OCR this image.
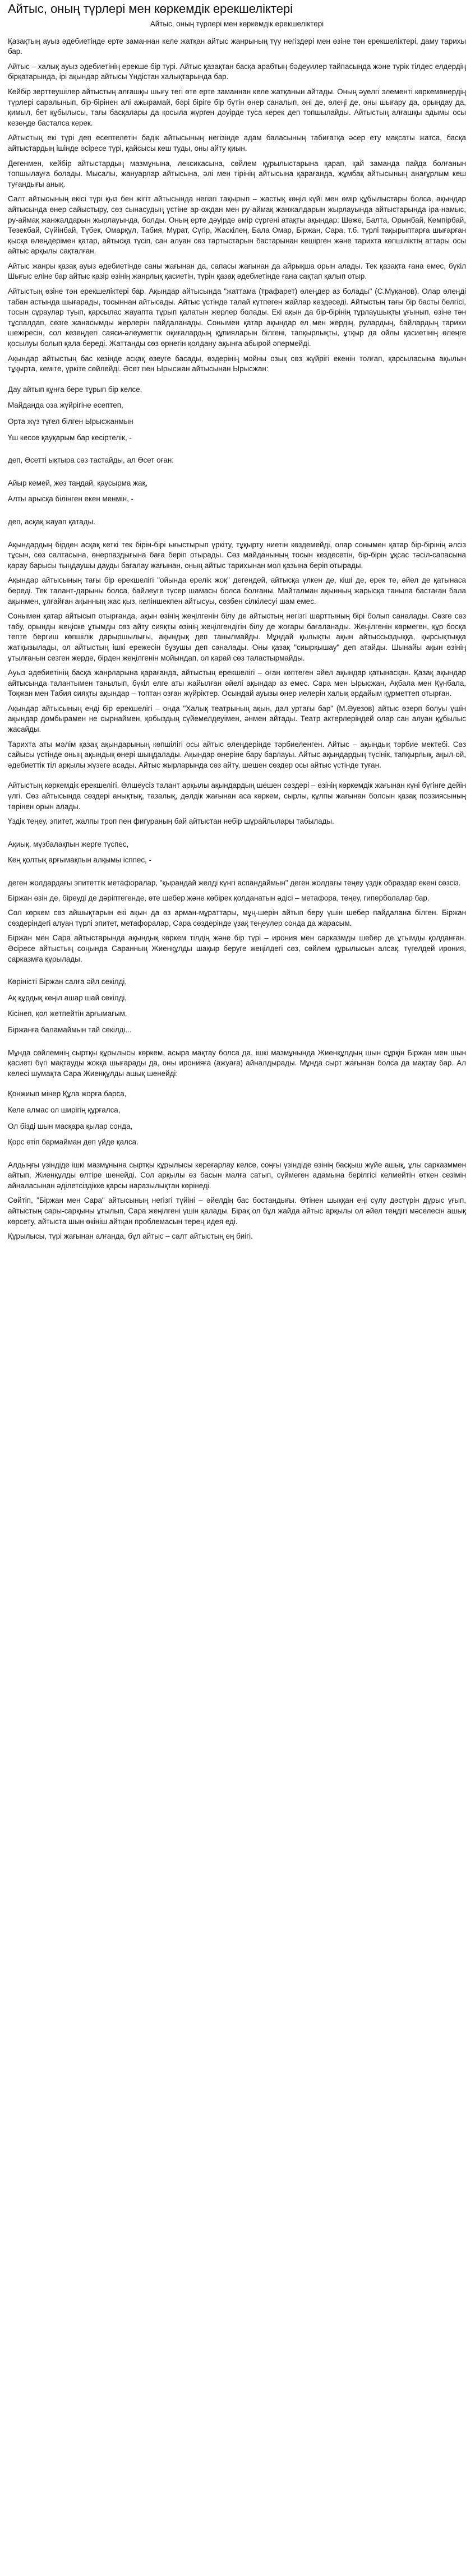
Айтыс, оның түрлері мен көркемдік ерекшеліктері
Айтыс, оның түрлері мен көркемдік ерекшеліктері

Қазақтың ауыз әдебиетінде ерте заманнан келе жатқан айтыс жанрының түу негіздері мен өзіне тән ерекшеліктері, даму тарихы бар.

Айтыс – халық ауыз әдебиетінің ерекше бір түрі. Айтыс қазақтан басқа арабтың бәдеуилер тайпасында және түрік тілдес елдердің бірқатарында, ірі ақындар айтысы Үндістан халықтарында бар.

Кейбір зерттеушілер айтыстың алғашқы шығу тегі өте ерте заманнан келе жатқанын айтады. Оның әуелгі элементі көркемөнердің түрлері саралынып, бір-бірінен алі ажырамай, бәрі біріге бір бүтін өнер саналып, әні де, өлеңі де, оны шығару да, орындау да, қимыл, бет құбылысы, тағы басқалары да қосыла жүрген дәуірде туса керек деп топшылайды. Айтыстың алғашқы адымы осы кезеңде басталса керек.

Айтыстың екі түрі деп есептелетін бадік айтысының негізінде адам баласының табиғатқа әсер ету мақсаты жатса, басқа айтыстардың ішінде әсіресе түрі, қайсысы кеш туды, оны айту қиын.

Дегенмен, кейбір айтыстардың мазмұнына, лексикасына, сөйлем құрылыстарына қарап, қай заманда пайда болғанын топшылауға болады. Мысалы, жануарлар айтысына, әлі мен тірінің айтысына қарағанда, жұмбақ айтысының анағұрлым кеш туғандығы анық.

Салт айтысының екісі түрі қыз бен жігіт айтысында негізгі тақырып – жастық көңіл күйі мен өмір құбылыстары болса, ақындар айтысында өнер сайыстыру, сөз сынасудың үстіне ар-ождан мен ру-аймақ жанжалдарын жырлауында айтыстарында іра-намыс, ру-аймақ жанжалдарын жырлауында, болды. Оның ерте дәуірде өмір сүргені атақты ақындар: Шөже, Балта, Орынбай, Кемпірбай, Тезекбай, Сүйінбай, Түбек, Омарқұл, Табия, Мұрат, Сүгір, Жаскілең, Бала Омар, Біржан, Сара, т.б. түрлі тақырыптарға шығарған қысқа өлеңдерімен қатар, айтысқа түсіп, сан алуан сөз тартыстарын бастарынан кешірген және тарихта көпшіліктің аттары осы айтыс арқылы сақталған.

Айтыс жанры қазақ ауыз әдебиетінде саны жағынан да, сапасы жағынан да айрықша орын алады. Тек қазақта ғана емес, бүкіл Шығыс еліне бар айтыс қазір өзінің жанрлық қасиетін, түрін қазақ әдебиетінде ғана сақтап қалып отыр.

Айтыстың өзіне тән ерекшеліктері бар. Ақындар айтысында "жаттама (трафарет) өлеңдер аз болады" (С.Мұқанов). Олар өлеңді табан астында шығарады, тосыннан айтысады. Айтыс үстінде талай күтпеген жайлар кездеседі. Айтыстың тағы бір басты белгісі, тосын сұраулар туып, қарсылас жауапта тұрып қалатын жерлер болады. Екі ақын да бір-бірінің тұрлаушықты ұғынып, өзіне тән тұспалдап, сөзге жанасымды жерлерін пайдаланады. Сонымен қатар ақындар ел мен жердің, рулардың, байлардың тарихи шежіресін, сол кезеңдегі саяси-әлеуметтік оқиғалардың құпияларын білгені, тапқырлықты, ұтқыр да ойлы қасиетінің өлеңге қосылуы болып қала береді. Жаттанды сөз өрнегін қолдану ақынға абырой әпермейді.

Ақындар айтыстың бас кезінде асқақ өзеуге басады, өздерінің мойны озық сөз жүйрігі екенін толғап, қарсыласына ақылын тұқырта, кеміте, үркіте сөйлейді. Әсет пен Ырысжан айтысынан Ырысжан:

Дау айтып құнға бере тұрып бір келсе,

Майданда оза жүйрігіне есептеп,

Орта жүз түгел білген Ырысжанмын

Үш кессе қауқарым бар кесіртелік, -

деп, Әсетті ықтыра сөз тастайды, ал Әсет оған:

Айыр кемей, жез таңдай, қаусырма жақ,

Алты арысқа білінген екен менмін, -

деп, асқақ жауап қатады.

Ақындардың бірден асқақ кеткі тек бірін-бірі ығыстырып үркіту, тұқырту ниетін көздемейді, олар сонымен қатар бір-бірінің әлсіз тұсын, сөз салтасына, өнерпаздығына баға беріп отырады. Сөз майданының тосын кездесетін, бір-бірін ұқсас тәсіл-сапасына қарау барысы тыңдаушы дауды бағалау жағынан, оның айтыс тарихынан мол қазына беріп отырады.

Ақындар айтысының тағы бір ерекшелігі "ойында ерелік жоқ" дегендей, айтысқа үлкен де, кіші де, ерек те, әйел де қатынаса береді. Тек талант-дарыны болса, байлеуге түсер шамасы болса болғаны. Майталман ақынның жарысқа таныла бастаған бала ақынмен, ұлғайған ақынның жас қыз, келіншекпен айтысуы, сөзбен сілкілесуі шам емес.

Сонымен қатар айтысып отырғанда, ақын өзінің жеңілгенін білу де айтыстың негізгі шарттының бірі болып саналады. Сөзге сөз табу, орынды жеңіске ұтымды сөз айту сияқты өзінің жеңілгендігін білу де жоғары бағаланады. Жеңілгенін көрмеген, құр босқа тепте бергиш көпшілік дарыршылығы, ақындық деп танылмайды. Мұндай қылықты ақын айтыссыздыққа, қырсықтыққа жатқызылады, ол айтыстың ішкі ережесін бұзушы деп саналады. Оны қазақ "сиырқышау" деп атайды. Шынайы ақын өзінің ұтылғанын сезген жерде, бірден жеңілгенін мойындап, ол қарай сөз таластырмайды.

Ауыз әдебиетінің басқа жанрларына қарағанда, айтыстың ерекшелігі – оған көптеген әйел ақындар қатынасқан. Қазақ ақындар айтысында талантымен танылып, бүкіл елге аты жайылған әйелі ақындар аз емес. Сара мен Ырысжан, Ақбала мен Құнбала, Тоқжан мен Табия сияқты ақындар – топтан озған жүйріктер. Осындай ауызы өнер иелерін халық әрдайым құрметтеп отырған.

Ақындар айтысының енді бір ерекшелігі – онда "Халық театрының ақын, дал уртағы бар" (М.Әуезов) айтыс өзерп болуы үшін ақындар домбырамен не сырнаймен, қобыздың сүйемелдеуімен, әнмен айтады. Театр актерлеріндей олар сан алуан құбылыс жасайды.

Тарихта аты мәлім қазақ ақындарының көпшілігі осы айтыс өлеңдерінде тәрбиеленген. Айтыс – ақындық тәрбие мектебі. Сөз сайысы үстінде оның ақындық өнері шыңдалады. Ақындар өнеріне бару барлауы. Айтыс ақындардың түсінік, тапқырлық, ақыл-ой, әдебиеттік тіл арқылы жүзеге асады. Айтыс жырларында сөз айту, шешен сөздер осы айтыс үстінде туған.

Айтыстың көркемдік ерекшелігі. Өлшеусіз талант арқылы ақындардың шешен сөздері – өзінің көркемдік жағынан күні бүгінге дейін үлгі. Сөз айтысында сөздері анықтық, тазалық, дәлдік жағынан аса көркем, сырлы, құлпы жағынан болсын қазақ поэзиясының төрінен орын алады.

Үздік теңеу, эпитет, жалпы троп пен фигураның бай айтыстан небір шұрайлылары табылады.

Ақиық, мұзбалақпын жерге түспес,

Кең қолтық арғымақпын алқымы ісппес, -

деген жолдардағы эпитеттік метафоралар, "қырандай желді күнгі аспандаймын" деген жолдағы теңеу үздік образдар екені сөзсіз.

Біржан өзін де, біреуді де дәріптегенде, өте шебер және көбірек қолданатын әдісі – метафора, теңеу, гиперболалар бар.

Сол көркем сөз айшықтарын екі ақын да өз арман-мұраттары, мұң-шерін айтып беру үшін шебер пайдалана білген. Біржан сөздеріндегі алуан түрлі эпитет, метафоралар, Сара сөздерінде ұзақ теңеулер сонда да жарасым.

Біржан мен Сара айтыстарында ақындық көркем тілдің және бір түрі – ирония мен сарказмды шебер де ұтымды қолданған. Әсіресе айтыстың соңында Саранның Жиенқұлды шақыр беруге жеңілдегі сөз, сөйлем құрылысын алсақ, түгелдей ирония, сарказмға құрылады.

Көріністі Біржан салға әйл секілді,

Ақ құрдық кеңіл ашар шай секілді,

Кісінеп, қол жетпейтін арғымағым,

Біржанға баламаймын тай секілді...

Мұнда сөйлемнің сыртқы құрылысы көркем, асыра мақтау болса да, ішкі мазмұнында Жиенқұлдың шын сұрқін Біржан мен шын қасиеті бүгі мақтауды жоққа шығарады да, оны иронияға (ажуаға) айналдырады. Мұнда сырт жағынан болса да мақтау бар. Ал келесі шумақта Сара Жиенқұлды ашық шенейді:

Қонжиып мінер Құла жорға барса,

Келе алмас ол ширігің құрғалса,

Ол бізді шын масқара қылар сонда,

Қорс етіп бармайман деп үйде қалса.

Алдыңғы үзіндіде ішкі мазмұнына сыртқы құрылысы кереғарлау келсе, соңғы үзіндіде өзінің басқыш жүйе ашық, ұлы сарказммен айтып, Жиенқұлды өлтіре шенейді. Сол арқылы өз басын малға сатып, сүймеген адамына берілгісі келмейтін өткен сезімін айналасынан әділетсіздікке қарсы наразылықтан көрінеді.

Сөйтіп, "Біржан мен Сара" айтысының негізгі түйіні – әйелдің бас бостандығы. Өтінен шыққан еңі сұлу дәстүрін дұрыс ұғып, айтыстың сары-сарқыны ұтылып, Сара жеңілгені үшін қалады. Бірақ ол бұл жайда айтыс арқылы ол әйел теңдігі мәселесін ашық көрсету, айтыста шын өкініш айтқан проблемасын терең идея еді.

Құрылысы, түрі жағынан алғанда, бұл айтыс – салт айтыстың ең биігі.
